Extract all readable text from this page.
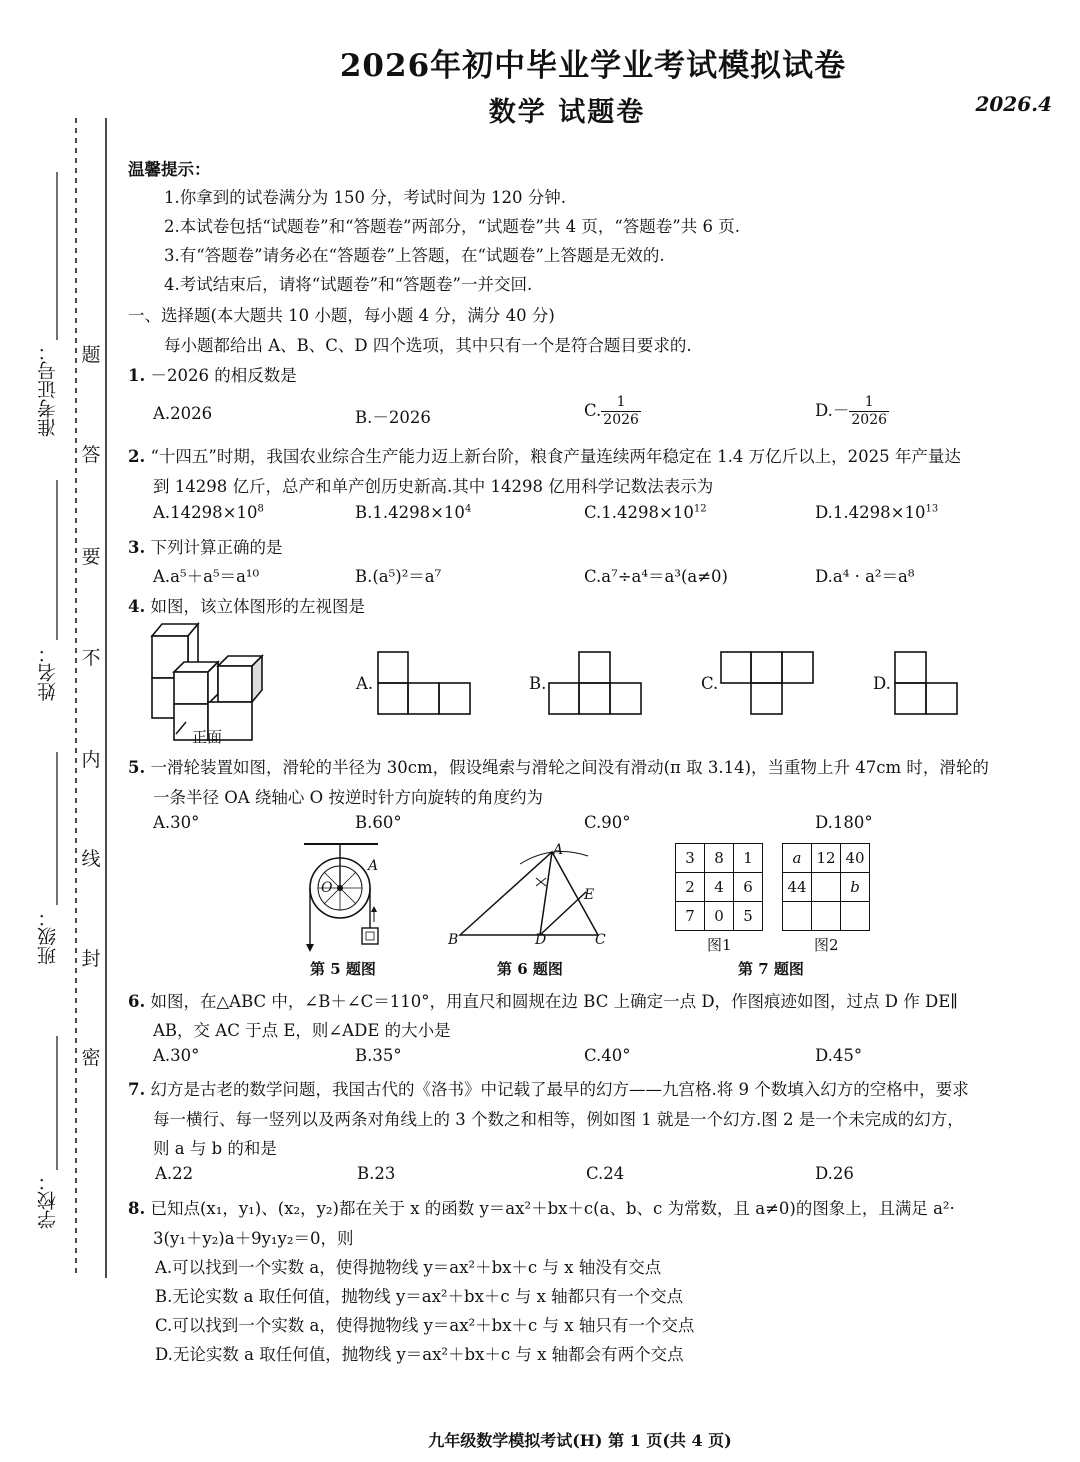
2026年初中毕业学业考试模拟试卷
数学 试题卷	2026.4
学校：
班级：
姓名：
准考证号： 题
答
要
不
内
线
封
密
温馨提示：
1.你拿到的试卷满分为 150 分，考试时间为 120 分钟.
2.本试卷包括“试题卷”和“答题卷”两部分，“试题卷”共 4 页，“答题卷”共 6 页.
3.有“答题卷”请务必在“答题卷”上答题，在“试题卷”上答题是无效的.
4.考试结束后，请将“试题卷”和“答题卷”一并交回.
一、选择题(本大题共 10 小题，每小题 4 分，满分 40 分)
每小题都给出 A、B、C、D 四个选项，其中只有一个是符合题目要求的.
1. －2026 的相反数是
A.2026	B.－2026	C. $\frac{1}{2026}$	$D.- \frac{1}{2026}$
2. “十四五”时期，我国农业综合生产能力迈上新台阶，粮食产量连续两年稳定在 1.4 万亿斤以上，2025 年产量达
到 14298 亿斤，总产和单产创历史新高.其中 14298 亿用科学记数法表示为
$A.14298\times 10^8$	$B.1.4298\times 10^4$	$C.1.4298\times 10^{12}$	$D.1.4298\times 10^{13}$
3. 下列计算正确的是
A.a⁵＋a⁵＝a¹⁰	B.(a⁵)²＝a⁷	C.a⁷÷a⁴＝a³(a≠0)	D.a⁴ · a²＝a⁸
4. 如图，该立体图形的左视图是
正面
A.	B.	C.	D.
5. 一滑轮装置如图，滑轮的半径为 30cm，假设绳索与滑轮之间没有滑动(π 取 3.14)，当重物上升 47cm 时，滑轮的
一条半径 OA 绕轴心 O 按逆时针方向旋转的角度约为
A.30°	B.60°	C.90°	D.180°
O
A
第 5 题图
A
B	C
D
E
第 6 题图
3	8	1
2	4	6
7	0	5
a	12	40
44		b

图1	图2
第 7 题图
6. 如图，在△ABC 中，∠B＋∠C＝110°，用直尺和圆规在边 BC 上确定一点 D，作图痕迹如图，过点 D 作 DE∥
AB，交 AC 于点 E，则∠ADE 的大小是
A.30°	B.35°	C.40°	D.45°
7. 幻方是古老的数学问题，我国古代的《洛书》中记载了最早的幻方——九宫格.将 9 个数填入幻方的空格中，要求
每一横行、每一竖列以及两条对角线上的 3 个数之和相等，例如图 1 就是一个幻方.图 2 是一个未完成的幻方，
则 a 与 b 的和是
A.22	B.23	C.24	D.26
8. 已知点(x₁，y₁)、(x₂，y₂)都在关于 x 的函数 y＝ax²＋bx＋c(a、b、c 为常数，且 a≠0)的图象上，且满足 a²·
3(y₁＋y₂)a＋9y₁y₂＝0，则
A.可以找到一个实数 a，使得抛物线 y＝ax²＋bx＋c 与 x 轴没有交点
B.无论实数 a 取任何值，抛物线 y＝ax²＋bx＋c 与 x 轴都只有一个交点
C.可以找到一个实数 a，使得抛物线 y＝ax²＋bx＋c 与 x 轴只有一个交点
D.无论实数 a 取任何值，抛物线 y＝ax²＋bx＋c 与 x 轴都会有两个交点
九年级数学模拟考试(H) 第 1 页(共 4 页)
